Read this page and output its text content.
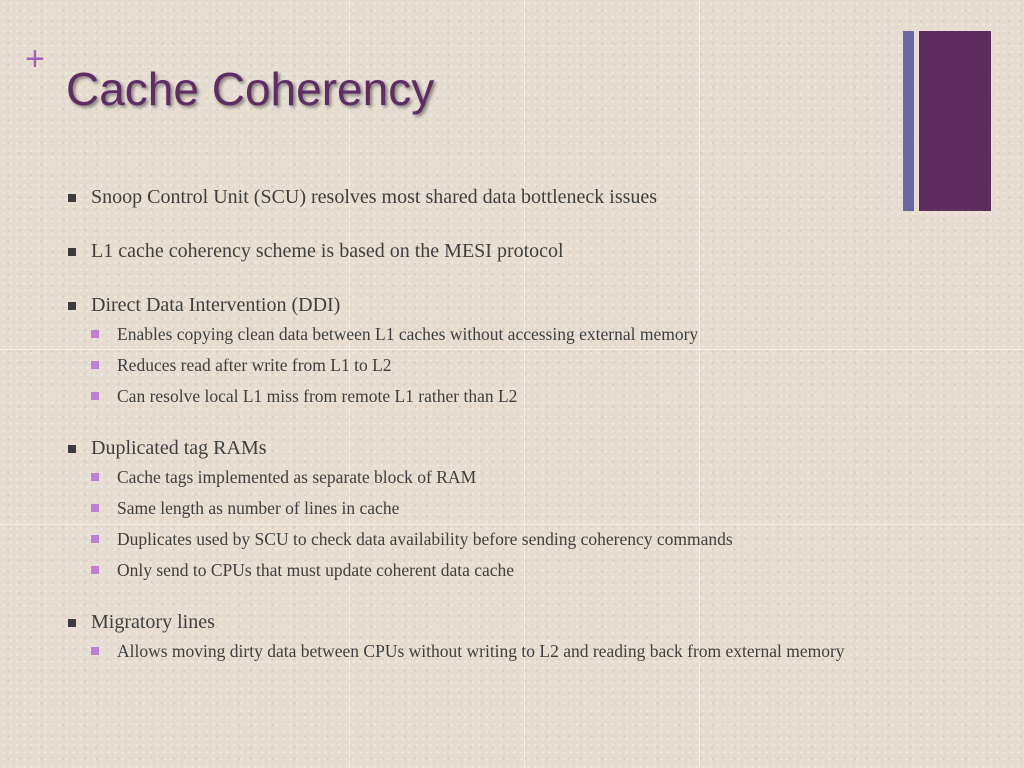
+
Cache Coherency
Snoop Control Unit (SCU) resolves most shared data bottleneck issues
L1 cache coherency scheme is based on the MESI protocol
Direct Data Intervention (DDI)
Enables copying clean data between L1 caches without accessing external memory
Reduces read after write from L1 to L2
Can resolve local L1 miss from remote L1 rather than L2
Duplicated tag RAMs
Cache tags implemented as separate block of RAM
Same length as number of lines in cache
Duplicates used by SCU to check data availability before sending coherency commands
Only send to CPUs that must update coherent data cache
Migratory lines
Allows moving dirty data between CPUs without writing to L2 and reading back from external memory
